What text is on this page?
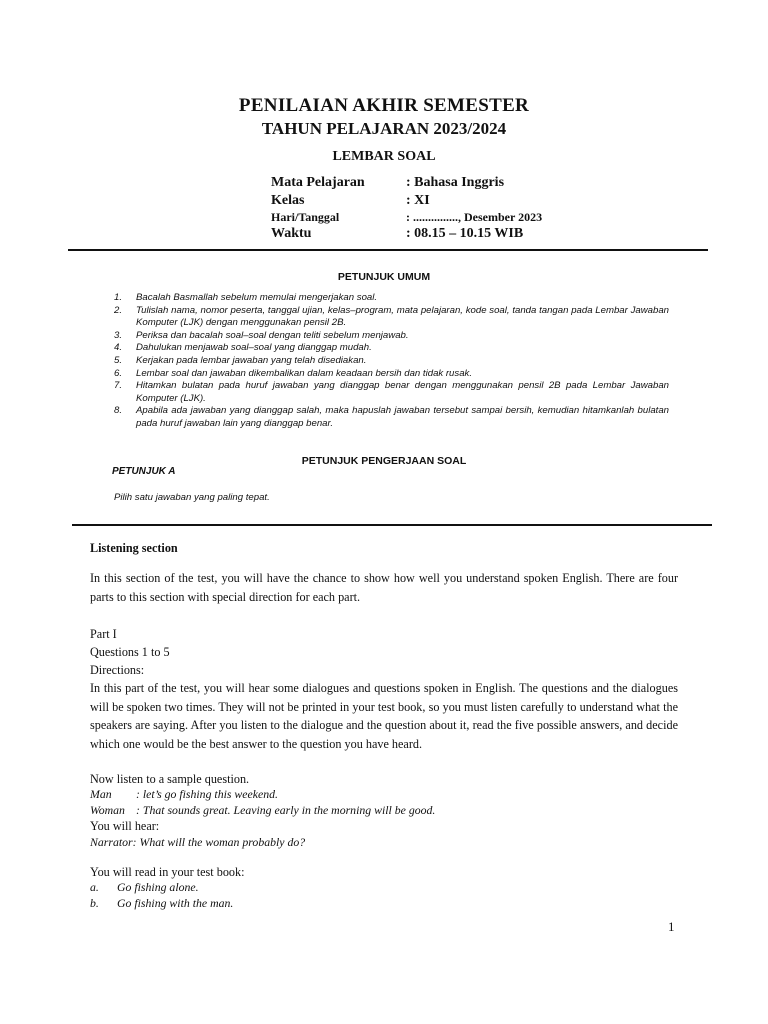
PENILAIAN AKHIR SEMESTER
TAHUN PELAJARAN 2023/2024
LEMBAR SOAL
Mata Pelajaran	: Bahasa Inggris
Kelas	: XI
Hari/Tanggal	: ..............., Desember 2023
Waktu	: 08.15 – 10.15 WIB
PETUNJUK UMUM
1. Bacalah Basmallah sebelum memulai mengerjakan soal.
2. Tulislah nama, nomor peserta, tanggal ujian, kelas–program, mata pelajaran, kode soal, tanda tangan pada Lembar Jawaban Komputer (LJK) dengan menggunakan pensil 2B.
3. Periksa dan bacalah soal–soal dengan teliti sebelum menjawab.
4. Dahulukan menjawab soal–soal yang dianggap mudah.
5. Kerjakan pada lembar jawaban yang telah disediakan.
6. Lembar soal dan jawaban dikembalikan dalam keadaan bersih dan tidak rusak.
7. Hitamkan bulatan pada huruf jawaban yang dianggap benar dengan menggunakan pensil 2B pada Lembar Jawaban Komputer (LJK).
8. Apabila ada jawaban yang dianggap salah, maka hapuslah jawaban tersebut sampai bersih, kemudian hitamkanlah bulatan pada huruf jawaban lain yang dianggap benar.
PETUNJUK PENGERJAAN SOAL
PETUNJUK A
Pilih satu jawaban yang paling tepat.
Listening section
In this section of the test, you will have the chance to show how well you understand spoken English. There are four parts to this section with special direction for each part.
Part I
Questions 1 to 5
Directions:
In this part of the test, you will hear some dialogues and questions spoken in English. The questions and the dialogues will be spoken two times. They will not be printed in your test book, so you must listen carefully to understand what the speakers are saying. After you listen to the dialogue and the question about it, read the five possible answers, and decide which one would be the best answer to the question you have heard.
Now listen to a sample question.
Man : let’s go fishing this weekend.
Woman : That sounds great. Leaving early in the morning will be good.
You will hear:
Narrator: What will the woman probably do?
You will read in your test book:
a. Go fishing alone.
b. Go fishing with the man.
1
